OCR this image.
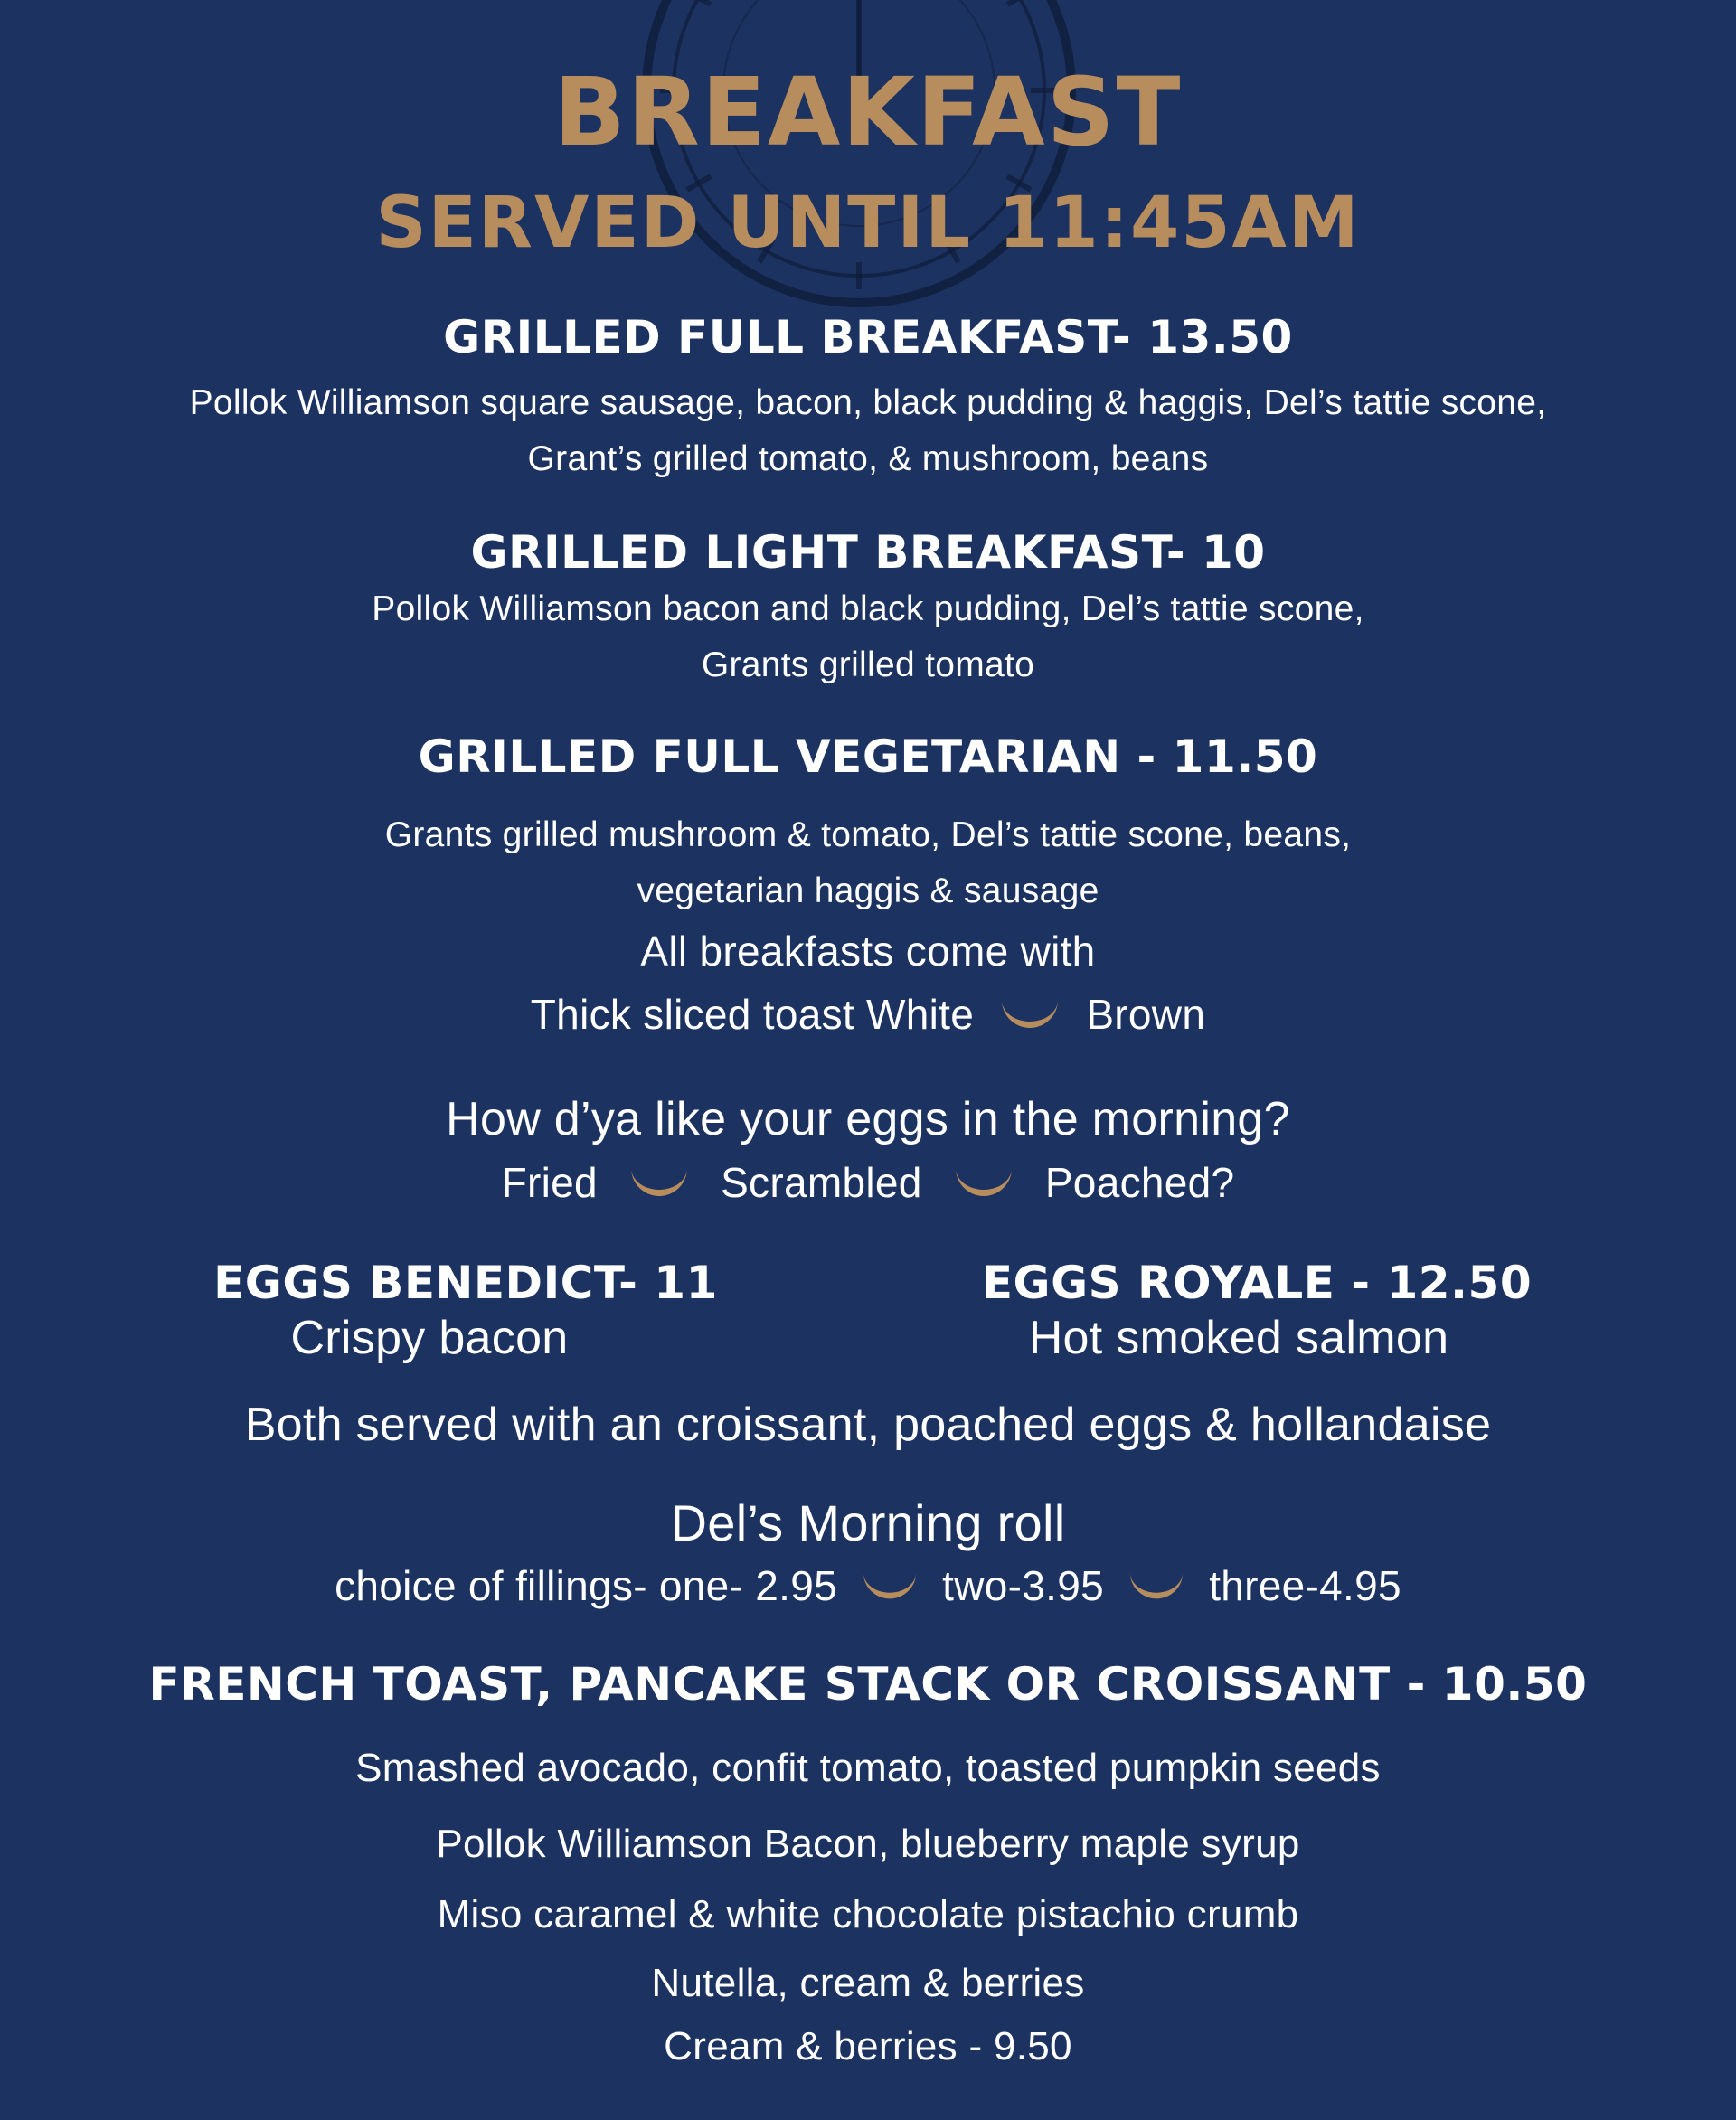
BREAKFAST
SERVED UNTIL 11:45AM
GRILLED FULL BREAKFAST- 13.50
Pollok Williamson square sausage, bacon, black pudding & haggis, Del’s tattie scone,
Grant’s grilled tomato, & mushroom, beans
GRILLED LIGHT BREAKFAST- 10
Pollok Williamson bacon and black pudding, Del’s tattie scone,
Grants grilled tomato
GRILLED FULL VEGETARIAN - 11.50
Grants grilled mushroom & tomato, Del’s tattie scone, beans,
vegetarian haggis & sausage
All breakfasts come with
Thick sliced toast White	Brown
How d’ya like your eggs in the morning?
Fried	Scrambled	Poached?
EGGS BENEDICT- 11
Crispy bacon
EGGS ROYALE - 12.50
Hot smoked salmon
Both served with an croissant, poached eggs & hollandaise
Del’s Morning roll
choice of fillings- one- 2.95	two-3.95	three-4.95
FRENCH TOAST, PANCAKE STACK OR CROISSANT - 10.50
Smashed avocado, confit tomato, toasted pumpkin seeds
Pollok Williamson Bacon, blueberry maple syrup
Miso caramel & white chocolate pistachio crumb
Nutella, cream & berries
Cream & berries - 9.50
